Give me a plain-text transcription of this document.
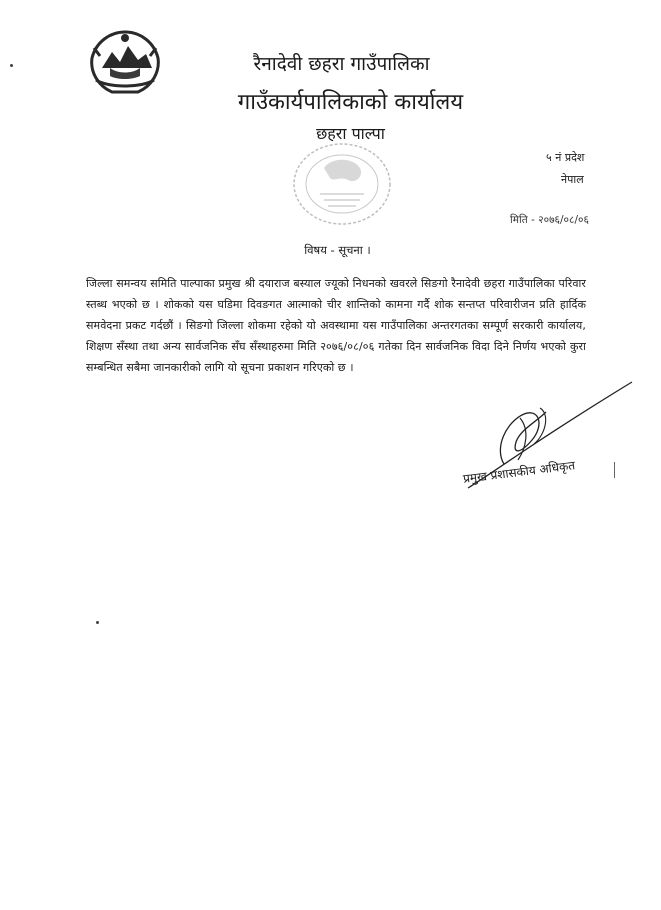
रैनादेवी छहरा गाउँपालिका
गाउँकार्यपालिकाको कार्यालय
छहरा पाल्पा
५ नं प्रदेश
नेपाल
मिति - २०७६/०८/०६
विषय - सूचना ।
जिल्ला समन्वय समिति पाल्पाका प्रमुख श्री दयाराज बस्याल ज्यूको निधनको खवरले सिङगो रैनादेवी छहरा गाउँपालिका परिवार स्तब्ध भएको छ । शोकको यस घडिमा दिवङगत आत्माको चीर शान्तिको कामना गर्दै शोक सन्तप्त परिवारीजन प्रति हार्दिक समवेदना प्रकट गर्दछौं । सिङगो जिल्ला शोकमा रहेको यो अवस्थामा यस गाउँपालिका अन्तरगतका सम्पूर्ण सरकारी कार्यालय, शिक्षण सँस्था तथा अन्य सार्वजनिक सँघ सँस्थाहरुमा मिति २०७६/०८/०६ गतेका दिन सार्वजनिक विदा दिने निर्णय भएको कुरा सम्बन्धित सबैमा जानकारीको लागि यो सूचना प्रकाशन गरिएको छ ।
प्रमुख प्रशासकीय अधिकृत
